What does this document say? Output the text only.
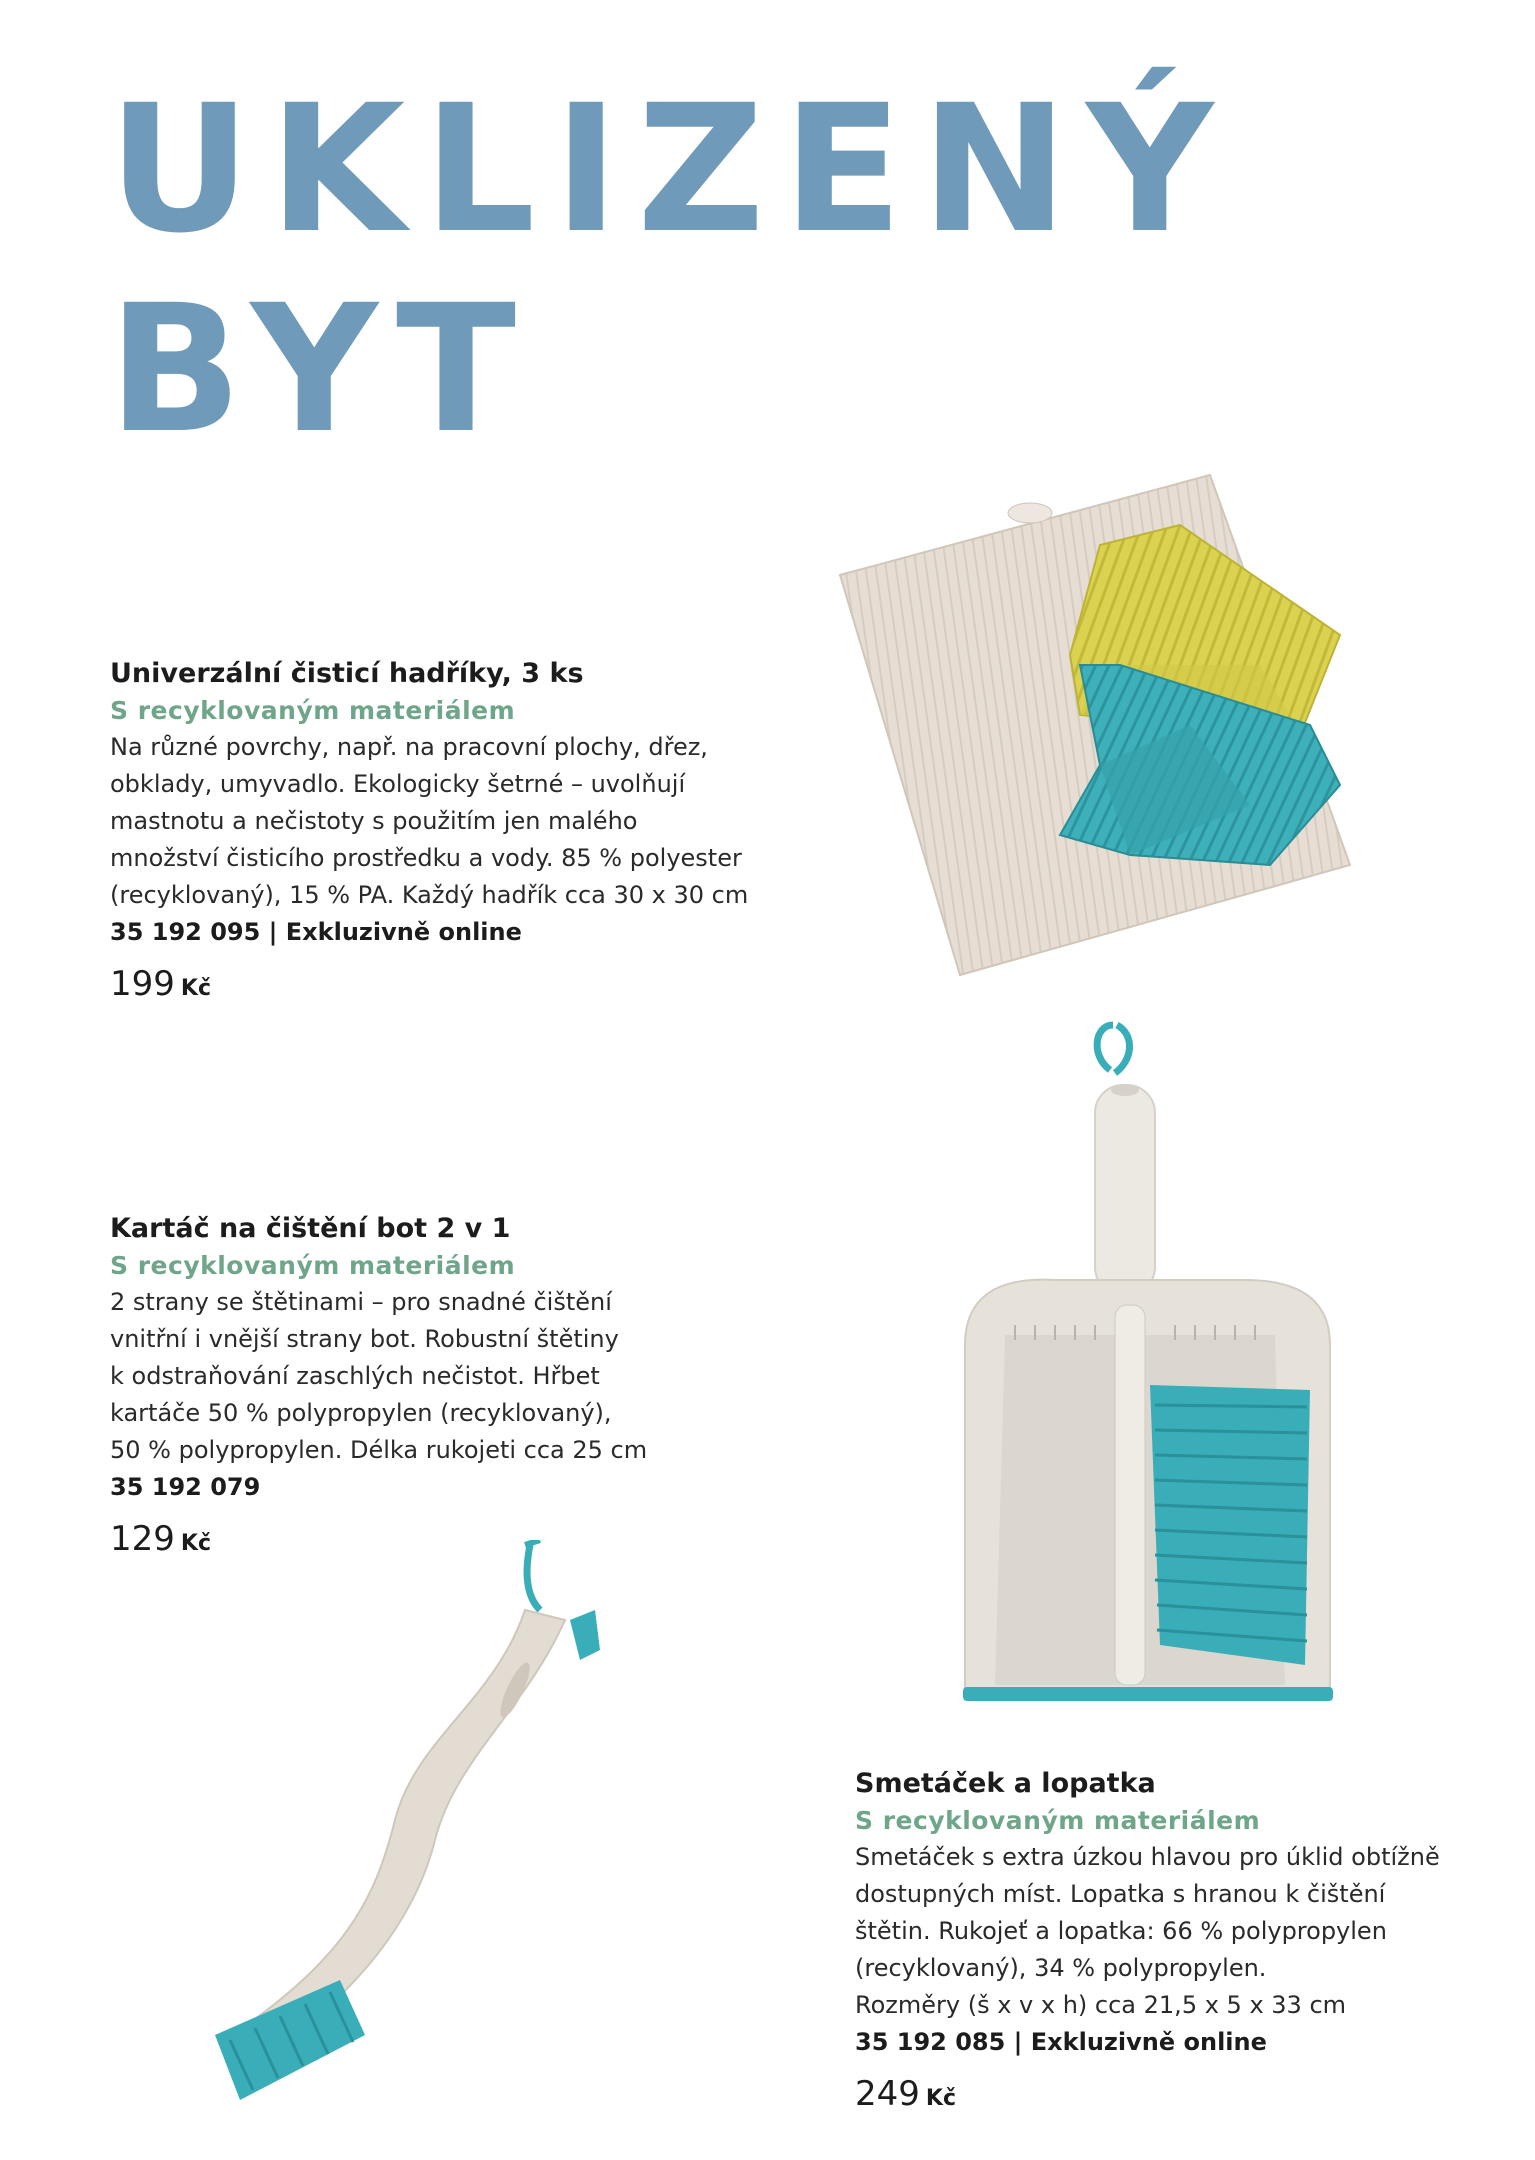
UKLIZENÝ
BYT
Univerzální čisticí hadříky, 3 ks
S recyklovaným materiálem
Na různé povrchy, např. na pracovní plochy, dřez,
obklady, umyvadlo. Ekologicky šetrné – uvolňují
mastnotu a nečistoty s použitím jen malého
množství čisticího prostředku a vody. 85 % polyester
(recyklovaný), 15 % PA. Každý hadřík cca 30 x 30 cm
35 192 095 | Exkluzivně online
199 Kč
Kartáč na čištění bot 2 v 1
S recyklovaným materiálem
2 strany se štětinami – pro snadné čištění
vnitřní i vnější strany bot. Robustní štětiny
k odstraňování zaschlých nečistot. Hřbet
kartáče 50 % polypropylen (recyklovaný),
50 % polypropylen. Délka rukojeti cca 25 cm
35 192 079
129 Kč
Smetáček a lopatka
S recyklovaným materiálem
Smetáček s extra úzkou hlavou pro úklid obtížně
dostupných míst. Lopatka s hranou k čištění
štětin. Rukojeť a lopatka: 66 % polypropylen
(recyklovaný), 34 % polypropylen.
Rozměry (š x v x h) cca 21,5 x 5 x 33 cm
35 192 085 | Exkluzivně online
249 Kč
